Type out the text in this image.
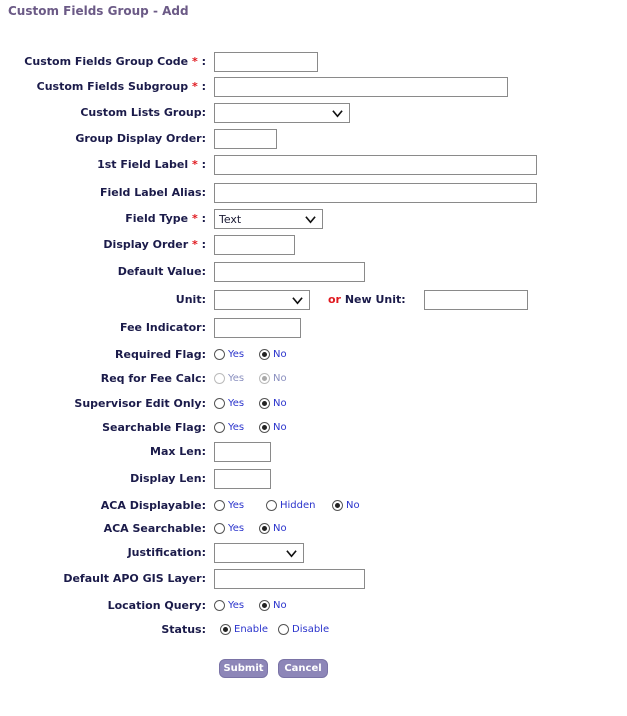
Custom Fields Group - Add
Custom Fields Group Code * :
Custom Fields Subgroup * :
Custom Lists Group:
Group Display Order:
1st Field Label * :
Field Label Alias:
Field Type * : Text
Display Order * :
Default Value:
Unit:	or New Unit:
Fee Indicator:
Required Flag: Yes	No
Req for Fee Calc: Yes	No
Supervisor Edit Only: Yes	No
Searchable Flag: Yes	No
Max Len:
Display Len:
ACA Displayable: Yes	Hidden	No
ACA Searchable: Yes	No
Justification:
Default APO GIS Layer:
Location Query: Yes	No
Status:	Enable Disable
Submit	Cancel
